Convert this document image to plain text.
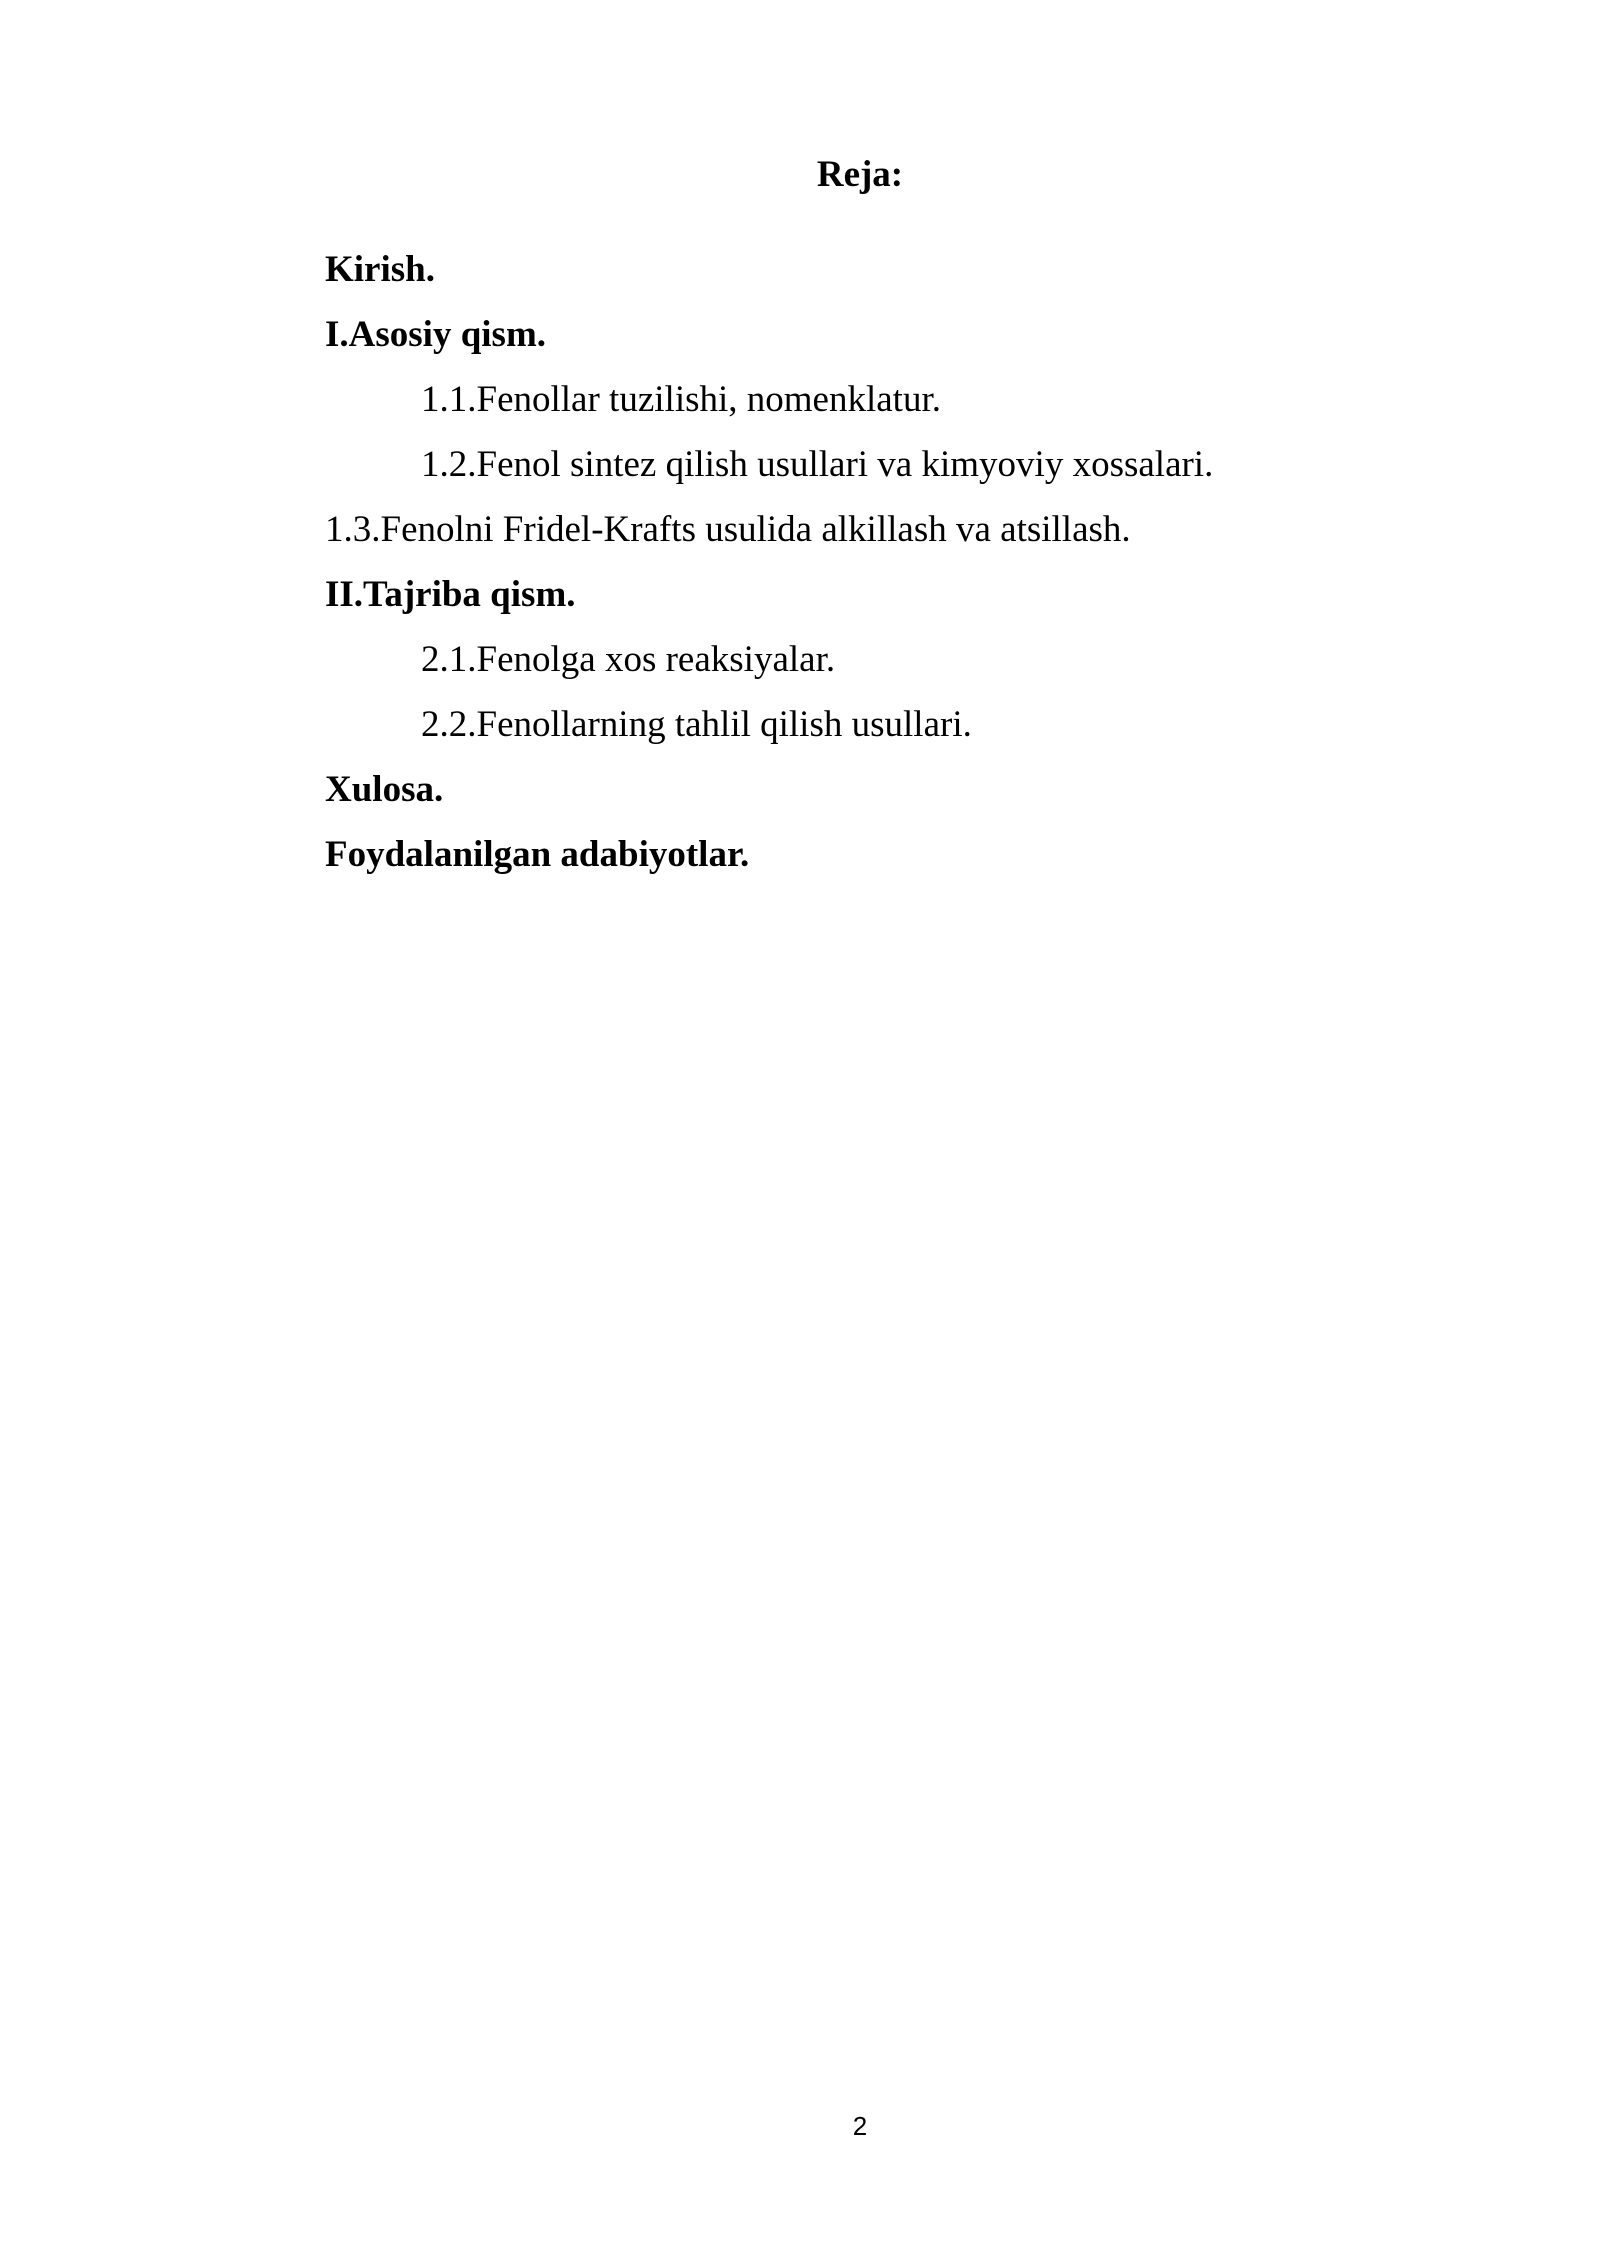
Reja:
Kirish.
I.Asosiy qism.
1.1.Fenollar tuzilishi, nomenklatur.
1.2.Fenol sintez qilish usullari va kimyoviy xossalari.
1.3.Fenolni Fridel-Krafts usulida alkillash va atsillash.
II.Tajriba qism.
2.1.Fenolga xos reaksiyalar.
2.2.Fenollarning tahlil qilish usullari.
Xulosa.
Foydalanilgan adabiyotlar.
2
